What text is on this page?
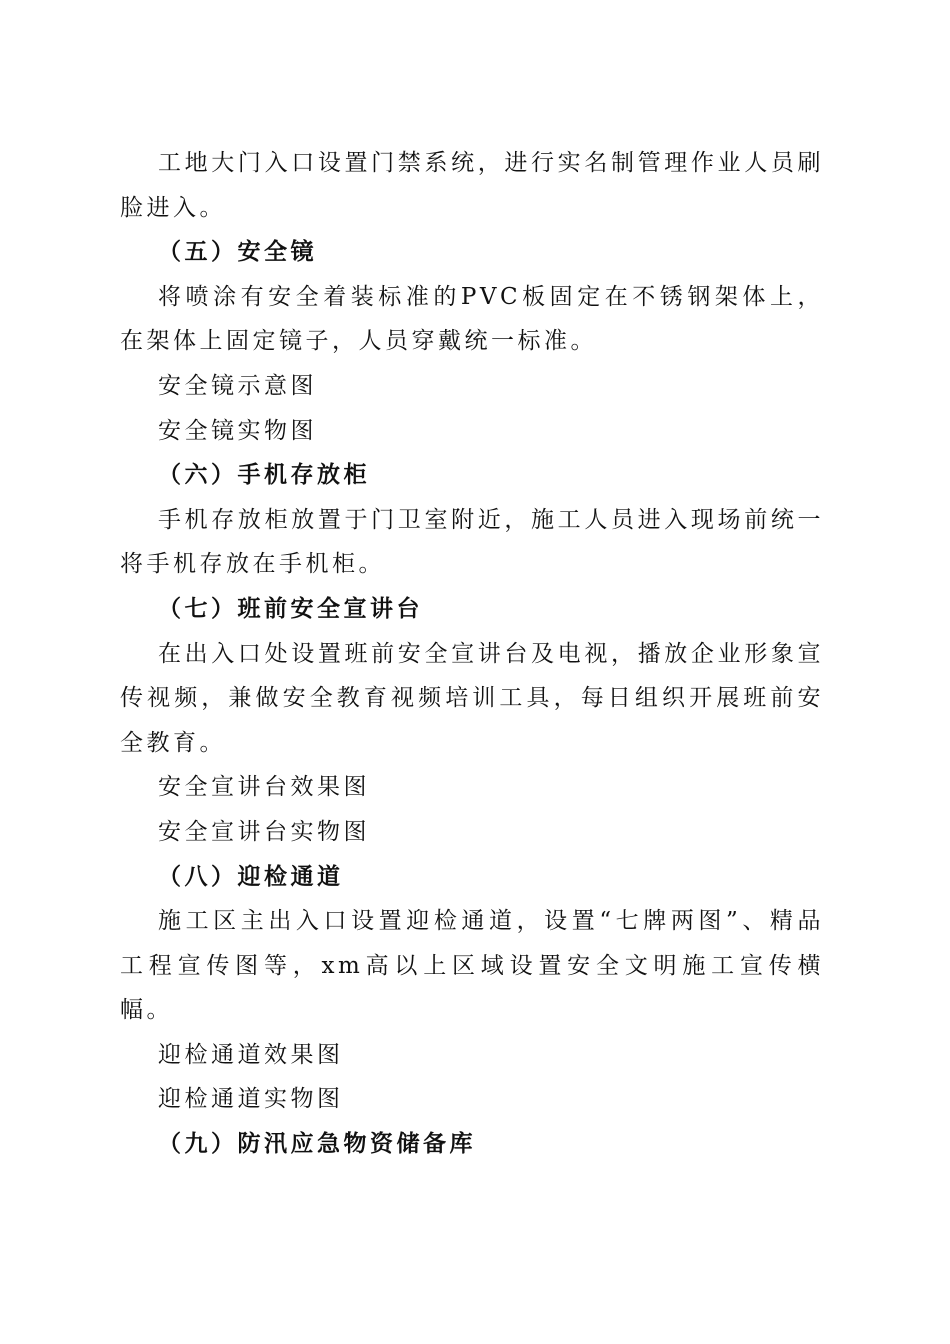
工地大门入口设置门禁系统，进行实名制管理作业人员刷脸进入。

（五）安全镜

将喷涂有安全着装标准的PVC板固定在不锈钢架体上，在架体上固定镜子，人员穿戴统一标准。

安全镜示意图

安全镜实物图

（六）手机存放柜

手机存放柜放置于门卫室附近，施工人员进入现场前统一将手机存放在手机柜。

（七）班前安全宣讲台

在出入口处设置班前安全宣讲台及电视，播放企业形象宣传视频，兼做安全教育视频培训工具，每日组织开展班前安全教育。

安全宣讲台效果图

安全宣讲台实物图

（八）迎检通道

施工区主出入口设置迎检通道，设置“七牌两图”、精品工程宣传图等，xm高以上区域设置安全文明施工宣传横幅。

迎检通道效果图

迎检通道实物图

（九）防汛应急物资储备库
